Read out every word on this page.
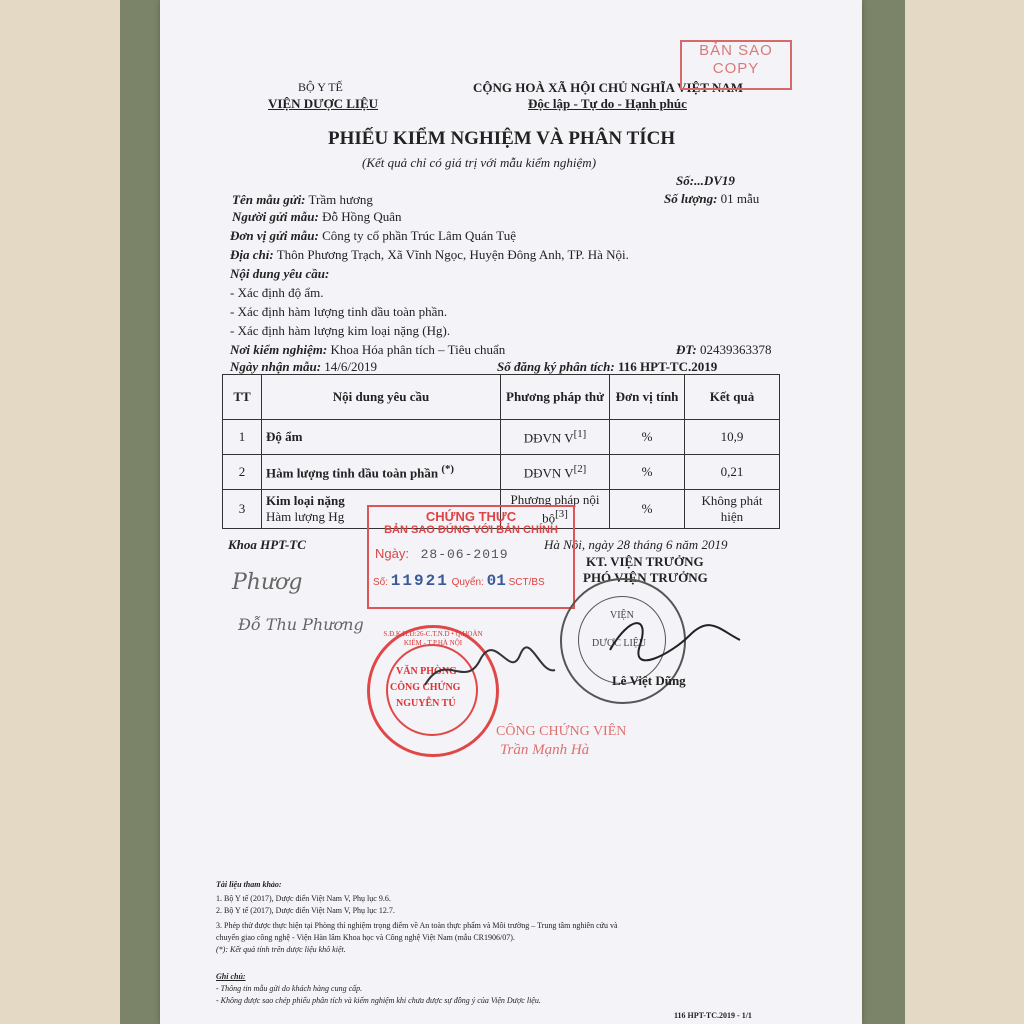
BỘ Y TẾ
VIỆN DƯỢC LIỆU
CỘNG HOÀ XÃ HỘI CHỦ NGHĨA VIỆT NAM
Độc lập - Tự do - Hạnh phúc
BẢN SAO
COPY
PHIẾU KIỂM NGHIỆM VÀ PHÂN TÍCH
(Kết quả chỉ có giá trị với mẫu kiểm nghiệm)
Số:...DV19
Số lượng: 01 mẫu
Tên mẫu gửi: Trầm hương
Người gửi mẫu: Đỗ Hồng Quân
Đơn vị gửi mẫu: Công ty cổ phần Trúc Lâm Quán Tuệ
Địa chỉ: Thôn Phương Trạch, Xã Vĩnh Ngọc, Huyện Đông Anh, TP. Hà Nội.
Nội dung yêu cầu:
- Xác định độ ẩm.
- Xác định hàm lượng tinh dầu toàn phần.
- Xác định hàm lượng kim loại nặng (Hg).
Nơi kiểm nghiệm: Khoa Hóa phân tích – Tiêu chuẩn	ĐT: 02439363378
Ngày nhận mẫu: 14/6/2019	Số đăng ký phân tích: 116 HPT-TC.2019
TT	Nội dung yêu cầu	Phương pháp thử	Đơn vị tính	Kết quả
1	Độ ẩm	DĐVN V[1]	%	10,9
2	Hàm lượng tinh dầu toàn phần (*)	DĐVN V[2]	%	0,21
3	Kim loại nặng
Hàm lượng Hg	Phương pháp nội bộ[3]	%	Không phát hiện
Khoa HPT-TC	Hà Nội, ngày 28 tháng 6 năm 2019
KT. VIỆN TRƯỞNG
PHÓ VIỆN TRƯỞNG
Phươg
Đỗ Thu Phương
CHỨNG THỰC
BẢN SAO ĐÚNG VỚI BẢN CHÍNH
Ngày: 28-06-2019
Số: 11921 Quyển: 01 SCT/BS
VIỆN
DƯỢC LIỆU
Lê Việt Dũng
S.Đ.K.H.Đ:26-C.T.N.D • Q.HOÀN KIẾM - T.P.HÀ NỘI
VĂN PHÒNG
CÔNG CHỨNG
NGUYỄN TÚ
CÔNG CHỨNG VIÊN
Trần Mạnh Hà
Tài liệu tham khảo:
1. Bộ Y tế (2017), Dược điển Việt Nam V, Phụ lục 9.6.
2. Bộ Y tế (2017), Dược điển Việt Nam V, Phụ lục 12.7.
3. Phép thử được thực hiện tại Phòng thí nghiệm trọng điểm về An toàn thực phẩm và Môi trường – Trung tâm nghiên cứu và
chuyển giao công nghệ - Viện Hàn lâm Khoa học và Công nghệ Việt Nam (mẫu CR1906/07).
(*): Kết quả tính trên dược liệu khô kiệt.
Ghi chú:
- Thông tin mẫu gửi do khách hàng cung cấp.
- Không được sao chép phiếu phân tích và kiểm nghiệm khi chưa được sự đồng ý của Viện Dược liệu.
116 HPT-TC.2019 - 1/1
